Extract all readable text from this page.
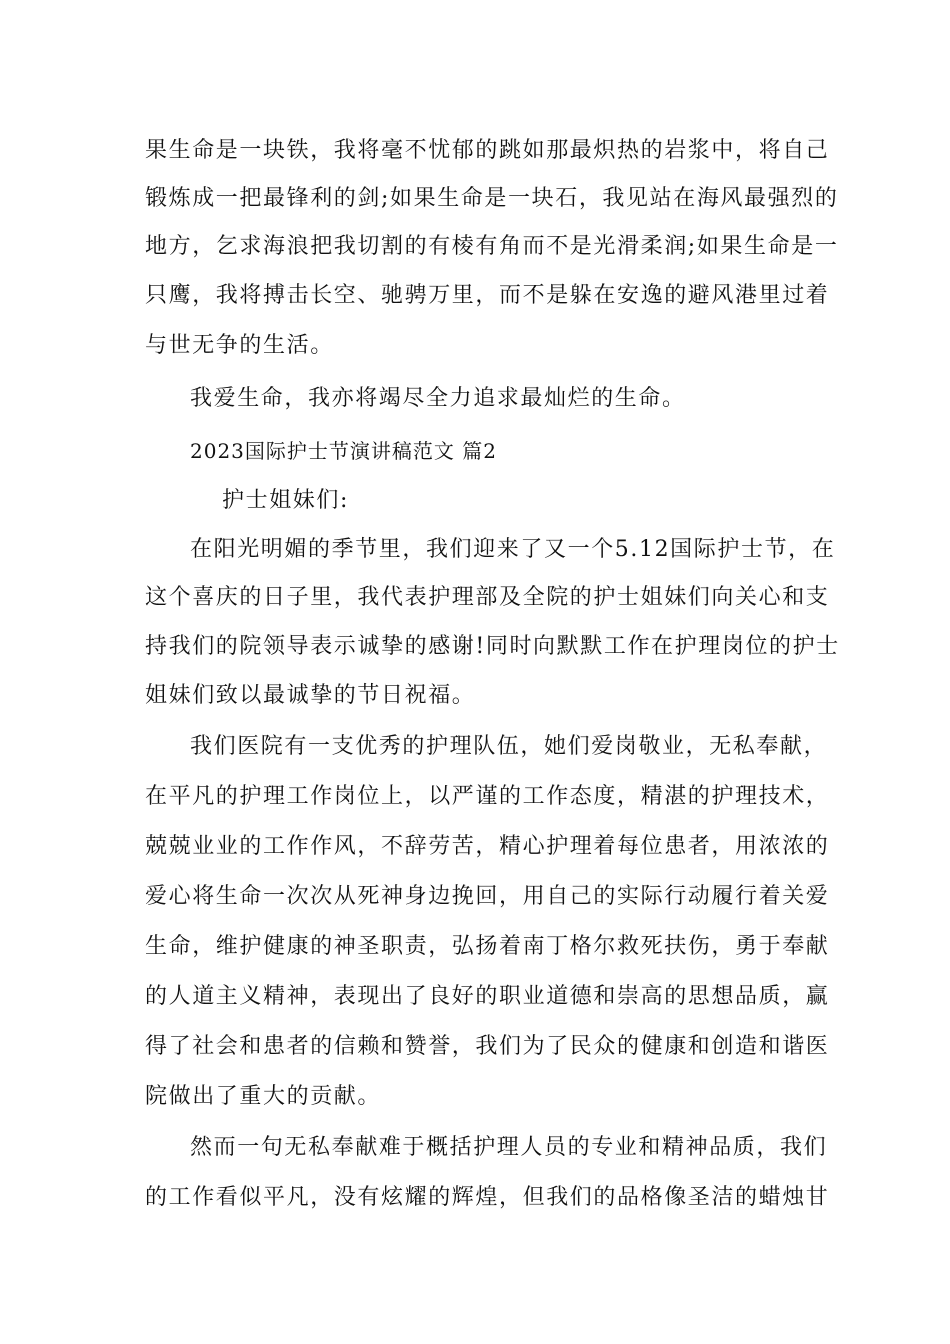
果生命是一块铁，我将毫不忧郁的跳如那最炽热的岩浆中，将自己
锻炼成一把最锋利的剑;如果生命是一块石，我见站在海风最强烈的
地方，乞求海浪把我切割的有棱有角而不是光滑柔润;如果生命是一
只鹰，我将搏击长空、驰骋万里，而不是躲在安逸的避风港里过着
与世无争的生活。
我爱生命，我亦将竭尽全力追求最灿烂的生命。
2023国际护士节演讲稿范文 篇2
护士姐妹们:
在阳光明媚的季节里，我们迎来了又一个5.12国际护士节，在
这个喜庆的日子里，我代表护理部及全院的护士姐妹们向关心和支
持我们的院领导表示诚挚的感谢!同时向默默工作在护理岗位的护士
姐妹们致以最诚挚的节日祝福。
我们医院有一支优秀的护理队伍，她们爱岗敬业，无私奉献，
在平凡的护理工作岗位上，以严谨的工作态度，精湛的护理技术，
兢兢业业的工作作风，不辞劳苦，精心护理着每位患者，用浓浓的
爱心将生命一次次从死神身边挽回，用自己的实际行动履行着关爱
生命，维护健康的神圣职责，弘扬着南丁格尔救死扶伤，勇于奉献
的人道主义精神，表现出了良好的职业道德和崇高的思想品质，赢
得了社会和患者的信赖和赞誉，我们为了民众的健康和创造和谐医
院做出了重大的贡献。
然而一句无私奉献难于概括护理人员的专业和精神品质，我们
的工作看似平凡，没有炫耀的辉煌，但我们的品格像圣洁的蜡烛甘
